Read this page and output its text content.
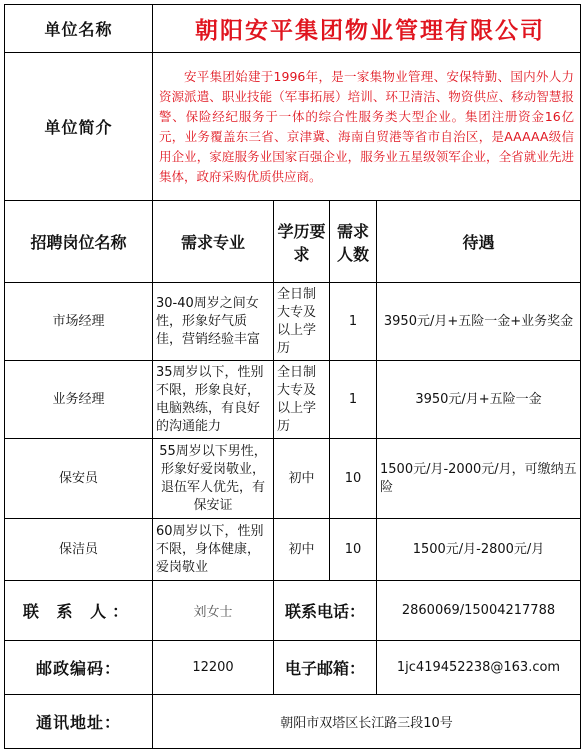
单位名称	朝阳安平集团物业管理有限公司			
单位简介	安平集团始建于1996年，是一家集物业管理、安保特勤、国内外人力资源派遣、职业技能（军事拓展）培训、环卫清洁、物资供应、移动智慧报警、保险经纪服务于一体的综合性服务类大型企业。集团注册资金16亿元，业务覆盖东三省、京津冀、海南自贸港等省市自治区，是AAAAA级信用企业，家庭服务业国家百强企业，服务业五星级领军企业，全省就业先进集体，政府采购优质供应商。			
招聘岗位名称	需求专业	学历要求	需求人数	待遇
市场经理	30-40周岁之间女性，形象好气质佳，营销经验丰富	全日制大专及以上学历	1	3950元/月+五险一金+业务奖金
业务经理	35周岁以下，性别不限，形象良好，电脑熟练，有良好的沟通能力	全日制大专及以上学历	1	3950元/月+五险一金
保安员	55周岁以下男性，形象好爱岗敬业，退伍军人优先，有保安证	初中	10	1500元/月-2000元/月，可缴纳五险
保洁员	60周岁以下，性别不限，身体健康，爱岗敬业	初中	10	1500元/月-2800元/月
联 系 人：	刘女士	联系电话：		2860069/15004217788
邮政编码：	12200	电子邮箱：		1jc419452238@163.com
通讯地址：	朝阳市双塔区长江路三段10号			
